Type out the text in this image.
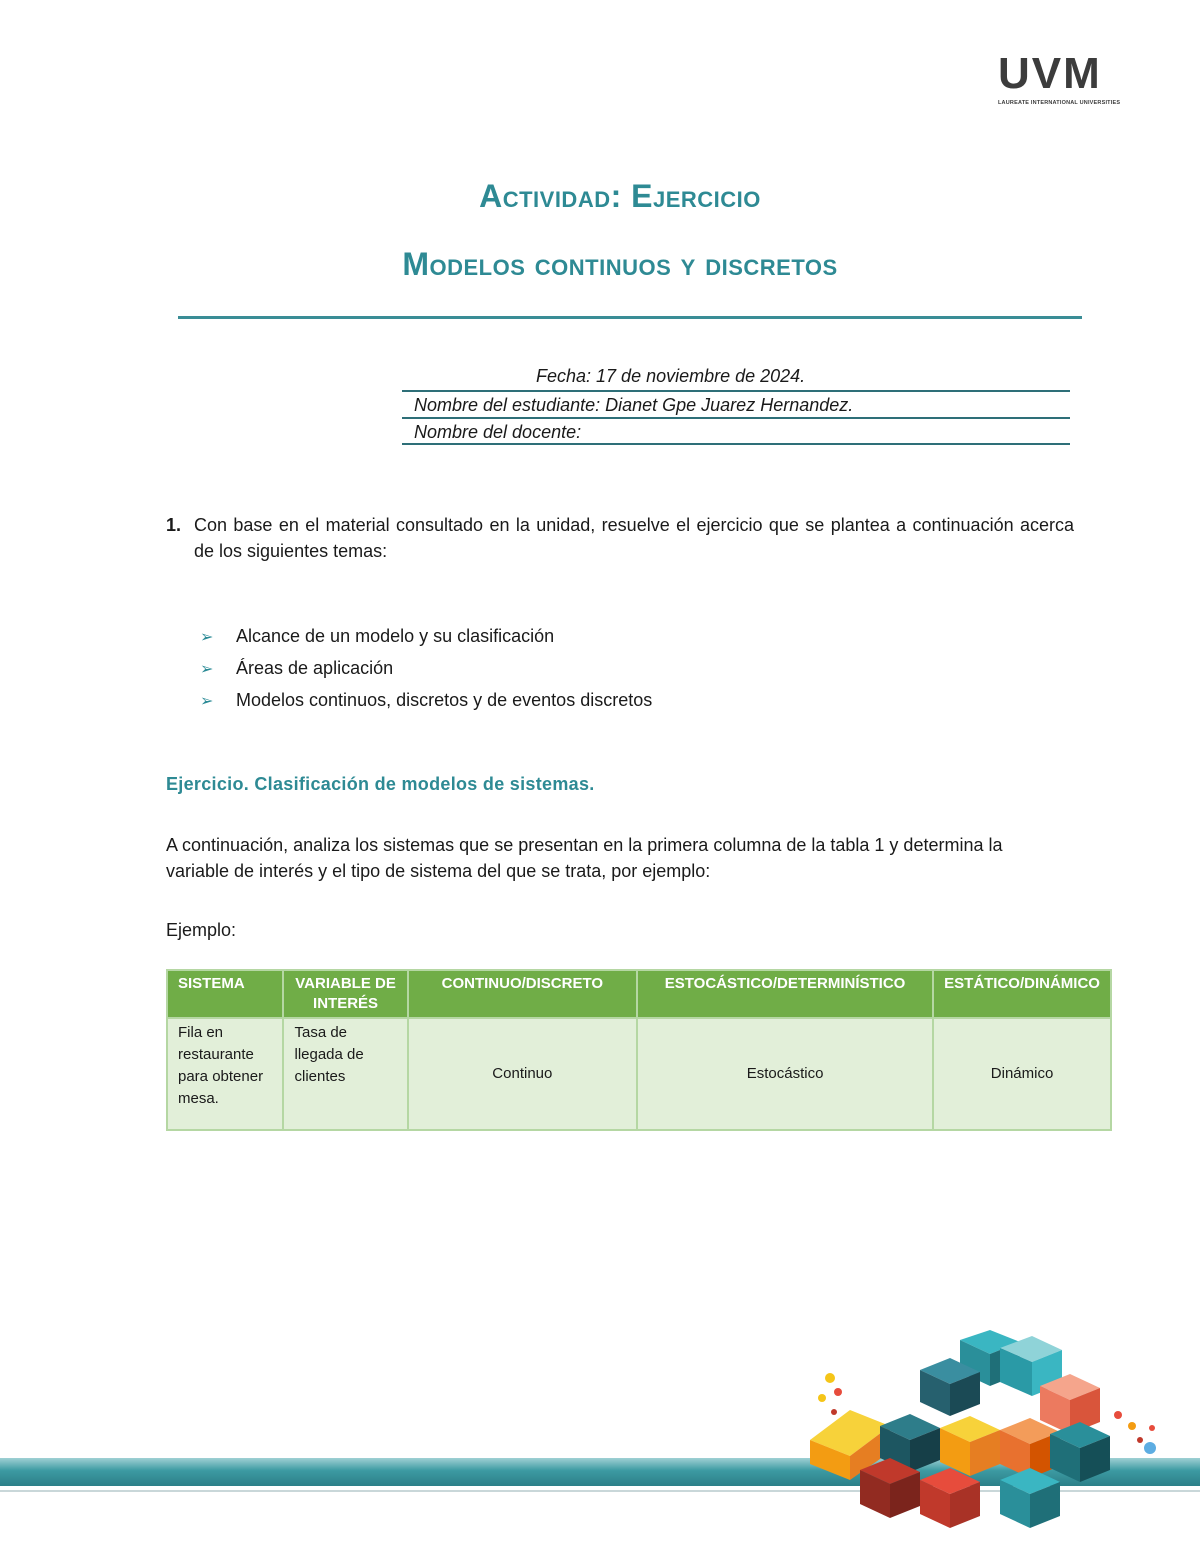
UVM
LAUREATE INTERNATIONAL UNIVERSITIES
Actividad: Ejercicio
Modelos continuos y discretos
Fecha: 17 de noviembre de 2024.
Nombre del estudiante: Dianet Gpe Juarez Hernandez.
Nombre del docente:
1. Con base en el material consultado en la unidad, resuelve el ejercicio que se plantea a continuación acerca de los siguientes temas:
➢ Alcance de un modelo y su clasificación
➢ Áreas de aplicación
➢ Modelos continuos, discretos y de eventos discretos
Ejercicio. Clasificación de modelos de sistemas.
A continuación, analiza los sistemas que se presentan en la primera columna de la tabla 1 y determina la variable de interés y el tipo de sistema del que se trata, por ejemplo:
Ejemplo:
SISTEMA	VARIABLE DE INTERÉS	CONTINUO/DISCRETO	ESTOCÁSTICO/DETERMINÍSTICO	ESTÁTICO/DINÁMICO
Fila en restaurante para obtener mesa.	Tasa de llegada de clientes	Continuo	Estocástico	Dinámico
